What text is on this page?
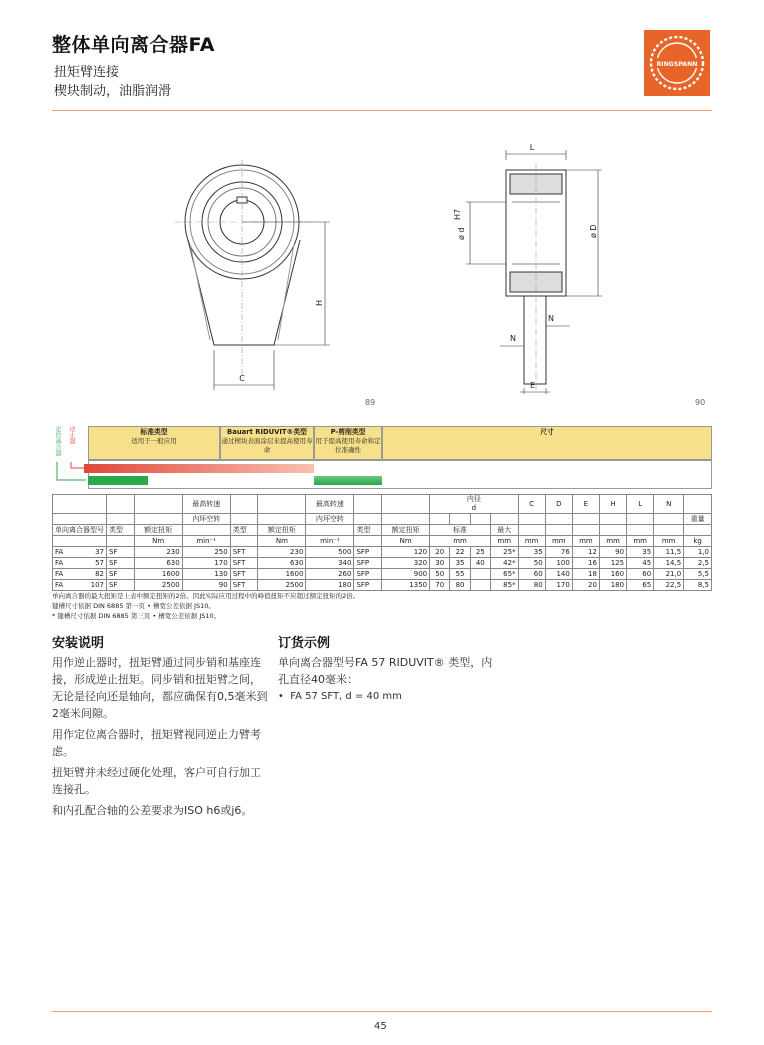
整体单向离合器FA
扭矩臂连接
楔块制动，油脂润滑
RINGSPANN
H
C
L
ø d
H7
ø D
N
N
E
89	90
定位离合器	逆止器	标准类型
适用于一般应用
Bauart RIDUVIT®类型
通过楔块表面涂层来提高使用寿命
P-剪削类型
用于提高使用寿命和定位准确性
尺寸
			最高转速			最高转速			内径
d				C	D	E	H	L	N	
			内环空转			内环空转													重量
单向离合器型号	类型	额定扭矩		类型	额定扭矩		类型	额定扭矩	标准			最大							
		Nm	min⁻¹		Nm	min⁻¹		Nm	mm			mm	mm	mm	mm	mm	mm	mm	kg
FA 37	SF	230	250	SFT	230	500	SFP	120	20	22	25	25*	35	76	12	90	35	11,5	1,0
FA 57	SF	630	170	SFT	630	340	SFP	320	30	35	40	42*	50	100	16	125	45	14,5	2,5
FA 82	SF	1600	130	SFT	1600	260	SFP	900	50	55		65*	60	140	18	160	60	21,0	5,5
FA 107	SF	2500	90	SFT	2500	180	SFP	1350	70	80		85*	80	170	20	180	65	22,5	8,5
单向离合器的最大扭矩是上表中额定扭矩的2倍。因此实际应用过程中的峰值扭矩不应超过额定扭矩的2倍。
键槽尺寸依据 DIN 6885 第一页 • 槽宽公差依据 JS10。
* 键槽尺寸依据 DIN 6885 第三页 • 槽宽公差依据 JS10。
安装说明
用作逆止器时，扭矩臂通过同步销和基座连接，形成逆止扭矩。同步销和扭矩臂之间，无论是径向还是轴向，都应确保有0,5毫米到2毫米间隙。
用作定位离合器时，扭矩臂视同逆止力臂考虑。
扭矩臂并未经过硬化处理，客户可自行加工连接孔。
和内孔配合轴的公差要求为ISO h6或j6。
订货示例
单向离合器型号FA 57 RIDUVIT® 类型，内孔直径40毫米：
•  FA 57 SFT, d = 40 mm
45
